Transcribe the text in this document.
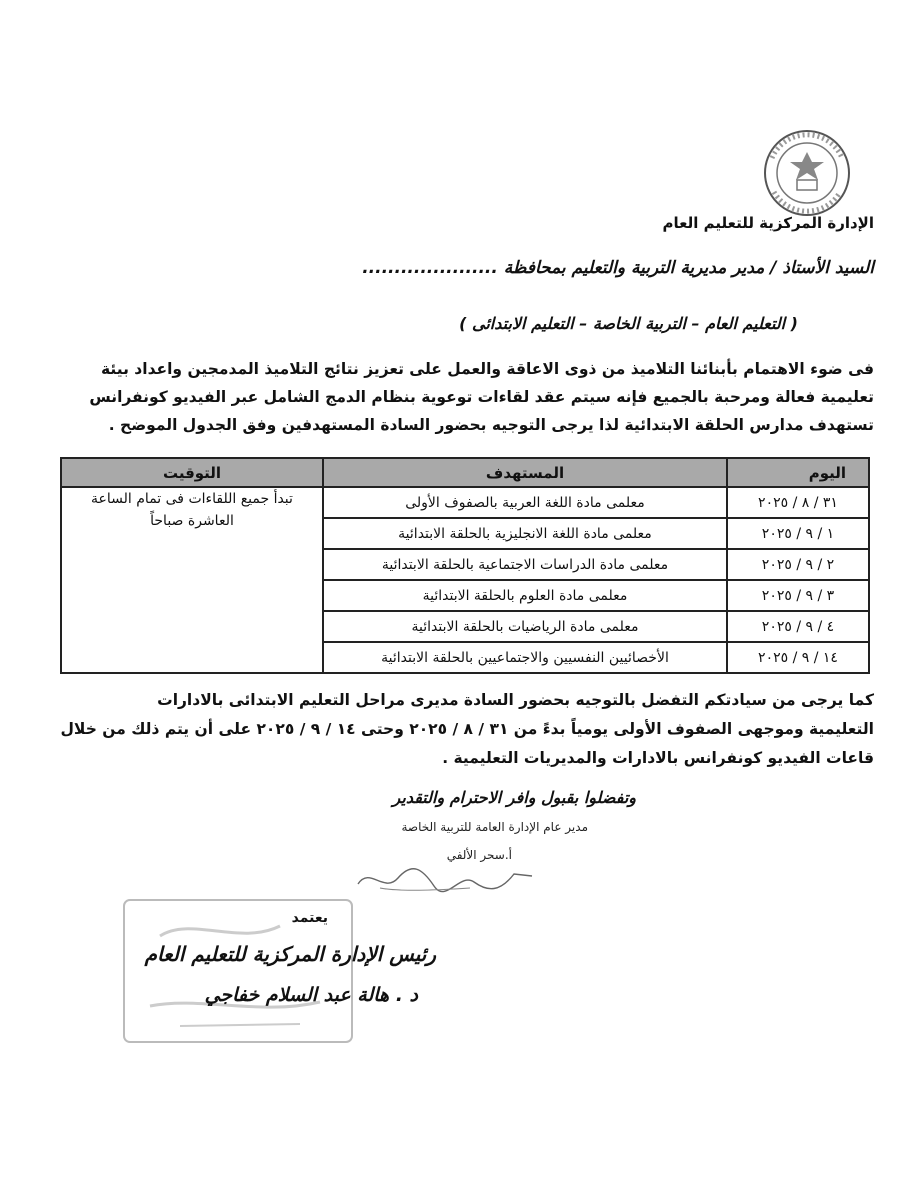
الإدارة المركزية للتعليم العام
السيد الأستاذ / مدير مديرية التربية والتعليم بمحافظة .....................
( التعليم العام – التربية الخاصة – التعليم الابتدائى )

فى ضوء الاهتمام بأبنائنا التلاميذ من ذوى الاعاقة والعمل على تعزيز نتائج التلاميذ المدمجين واعداد بيئة

تعليمية فعالة ومرحبة بالجميع فإنه سيتم عقد لقاءات توعوية بنظام الدمج الشامل عبر الفيديو كونفرانس

تستهدف مدارس الحلقة الابتدائية لذا يرجى التوجيه بحضور السادة المستهدفين وفق الجدول الموضح .

اليوم	المستهدف	التوقيت
٣١ / ٨ / ٢٠٢٥	معلمى مادة اللغة العربية بالصفوف الأولى	تبدأ جميع اللقاءات فى تمام الساعة العاشرة صباحاً
١ / ٩ / ٢٠٢٥	معلمى مادة اللغة الانجليزية بالحلقة الابتدائية	
٢ / ٩ / ٢٠٢٥	معلمى مادة الدراسات الاجتماعية بالحلقة الابتدائية	
٣ / ٩ / ٢٠٢٥	معلمى مادة العلوم بالحلقة الابتدائية	
٤ / ٩ / ٢٠٢٥	معلمى مادة الرياضيات بالحلقة الابتدائية	
١٤ / ٩ / ٢٠٢٥	الأخصائيين النفسيين والاجتماعيين بالحلقة الابتدائية	

كما يرجى من سيادتكم التفضل بالتوجيه بحضور السادة مديرى مراحل التعليم الابتدائى بالادارات

التعليمية وموجهى الصفوف الأولى يومياً بدءً من ٣١ / ٨ / ٢٠٢٥ وحتى ١٤ / ٩ / ٢٠٢٥ على أن يتم ذلك من خلال

قاعات الفيديو كونفرانس بالادارات والمديريات التعليمية .

وتفضلوا بقبول وافر الاحترام والتقدير
مدير عام الإدارة العامة للتربية الخاصة
أ.سحر الألفي
يعتمد
رئيس الإدارة المركزية للتعليم العام
د . هالة عبد السلام خفاجي
